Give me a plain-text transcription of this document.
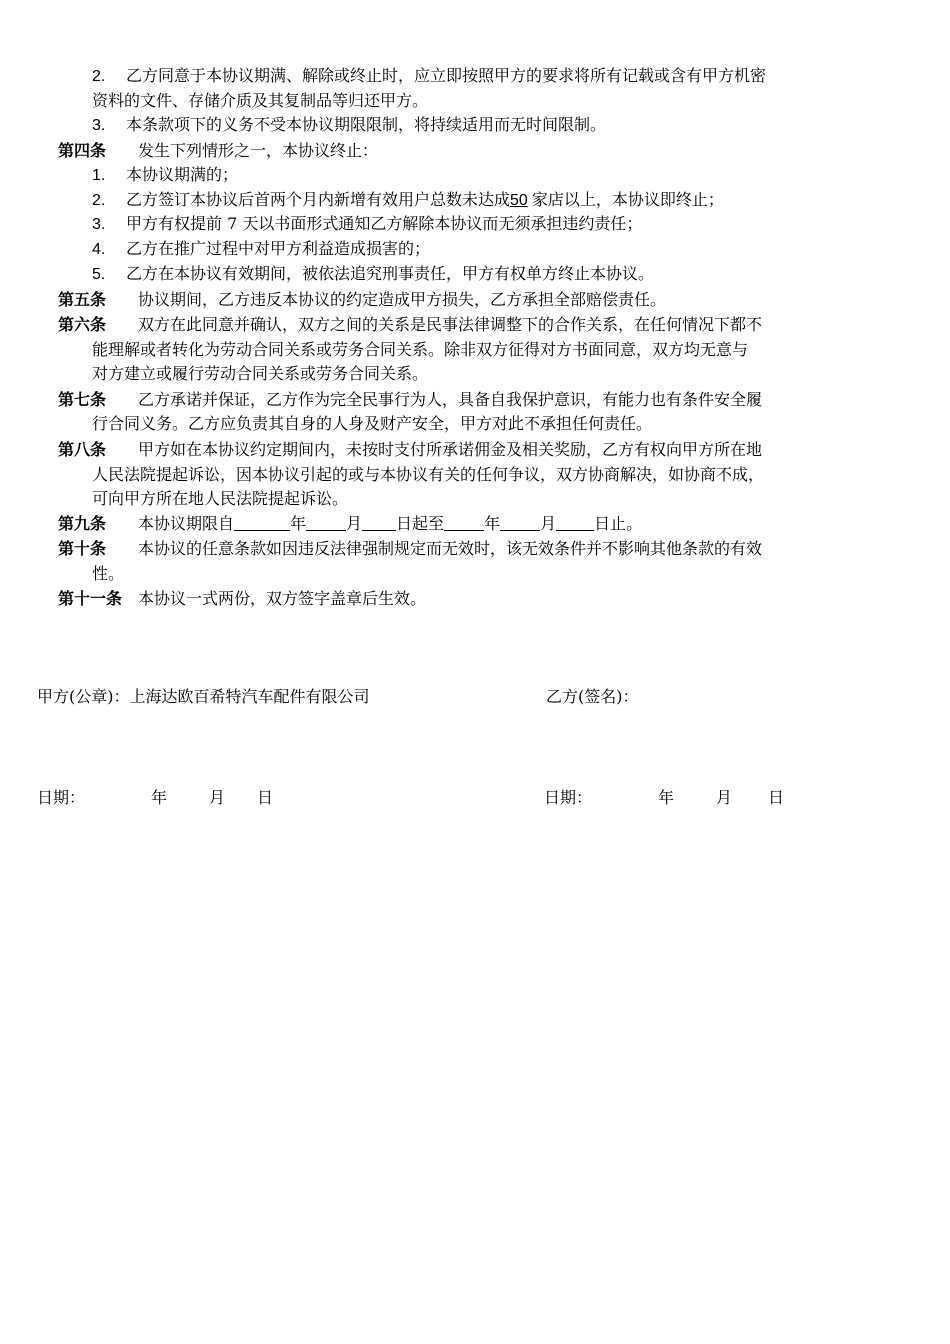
2. 乙方同意于本协议期满、解除或终止时，应立即按照甲方的要求将所有记载或含有甲方机密
资料的文件、存储介质及其复制品等归还甲方。
3. 本条款项下的义务不受本协议期限限制，将持续适用而无时间限制。
第四条 发生下列情形之一，本协议终止：
1. 本协议期满的；
2. 乙方签订本协议后首两个月内新增有效用户总数未达成50 家店以上，本协议即终止；
3. 甲方有权提前 7 天以书面形式通知乙方解除本协议而无须承担违约责任；
4. 乙方在推广过程中对甲方利益造成损害的；
5. 乙方在本协议有效期间，被依法追究刑事责任，甲方有权单方终止本协议。
第五条 协议期间，乙方违反本协议的约定造成甲方损失，乙方承担全部赔偿责任。
第六条 双方在此同意并确认，双方之间的关系是民事法律调整下的合作关系，在任何情况下都不
能理解或者转化为劳动合同关系或劳务合同关系。除非双方征得对方书面同意，双方均无意与
对方建立或履行劳动合同关系或劳务合同关系。
第七条 乙方承诺并保证，乙方作为完全民事行为人，具备自我保护意识，有能力也有条件安全履
行合同义务。乙方应负责其自身的人身及财产安全，甲方对此不承担任何责任。
第八条 甲方如在本协议约定期间内，未按时支付所承诺佣金及相关奖励，乙方有权向甲方所在地
人民法院提起诉讼，因本协议引起的或与本协议有关的任何争议，双方协商解决，如协商不成，
可向甲方所在地人民法院提起诉讼。
第九条 本协议期限自	年	月 日起至	年	月 日止。
第十条 本协议的任意条款如因违反法律强制规定而无效时，该无效条件并不影响其他条款的有效
性。
第十一条 本协议一式两份，双方签字盖章后生效。
甲方(公章)：上海达欧百希特汽车配件有限公司	乙方(签名)：
日期：	年	月 日	日期：	年	月 日
